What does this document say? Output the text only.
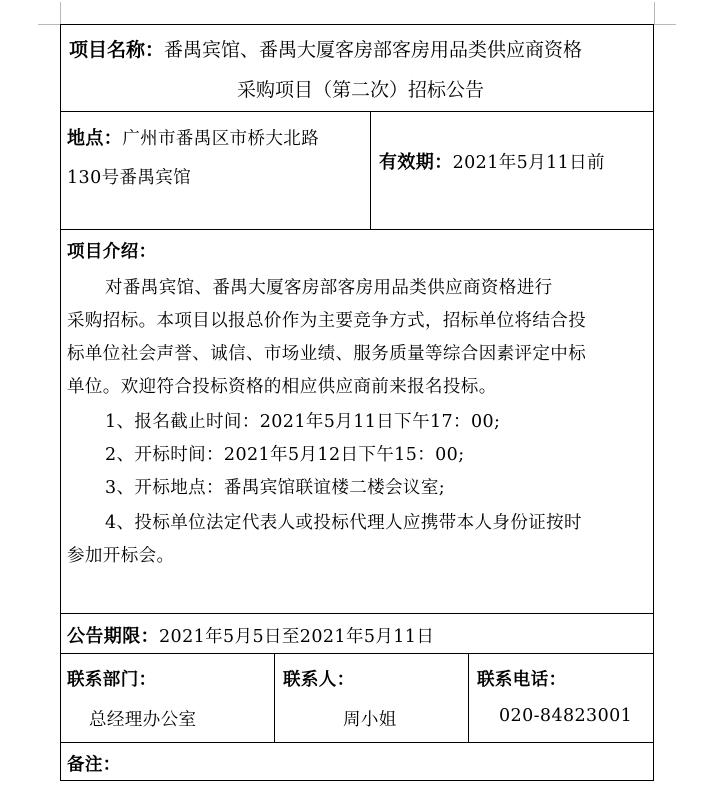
项目名称：番禺宾馆、番禺大厦客房部客房用品类供应商资格
采购项目（第二次）招标公告
地点：广州市番禺区市桥大北路
130号番禺宾馆
有效期：2021年5月11日前
项目介绍：
对番禺宾馆、番禺大厦客房部客房用品类供应商资格进行
采购招标。本项目以报总价作为主要竞争方式，招标单位将结合投
标单位社会声誉、诚信、市场业绩、服务质量等综合因素评定中标
单位。欢迎符合投标资格的相应供应商前来报名投标。
1、报名截止时间：2021年5月11日下午17：00;
2、开标时间：2021年5月12日下午15：00;
3、开标地点：番禺宾馆联谊楼二楼会议室;
4、投标单位法定代表人或投标代理人应携带本人身份证按时
参加开标会。
公告期限：2021年5月5日至2021年5月11日
联系部门：
总经理办公室
联系人：
周小姐
联系电话：
020-84823001
备注：
